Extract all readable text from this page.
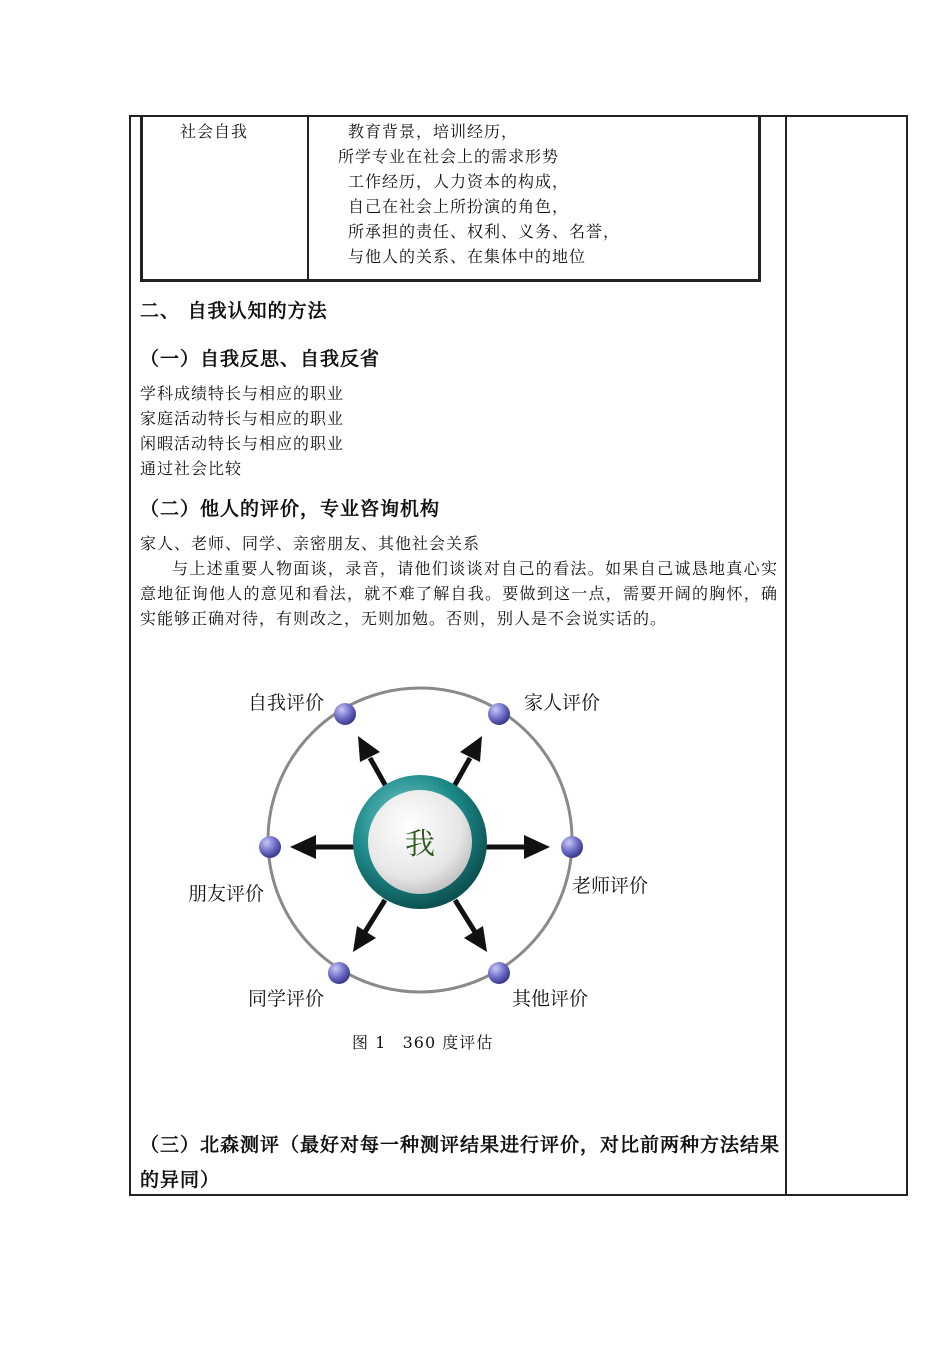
社会自我	教育背景，培训经历，
所学专业在社会上的需求形势
工作经历，人力资本的构成，
自己在社会上所扮演的角色，
所承担的责任、权利、义务、名誉，
与他人的关系、在集体中的地位
二、 自我认知的方法
（一）自我反思、自我反省
学科成绩特长与相应的职业
家庭活动特长与相应的职业
闲暇活动特长与相应的职业
通过社会比较
（二）他人的评价，专业咨询机构
家人、老师、同学、亲密朋友、其他社会关系
与上述重要人物面谈，录音，请他们谈谈对自己的看法。如果自己诚恳地真心实意地征询他人的意见和看法，就不难了解自我。要做到这一点，需要开阔的胸怀，确实能够正确对待，有则改之，无则加勉。否则，别人是不会说实话的。
我
自我评价	家人评价
朋友评价	老师评价
同学评价	其他评价
图 1 360 度评估
（三）北森测评（最好对每一种测评结果进行评价，对比前两种方法结果的异同）
